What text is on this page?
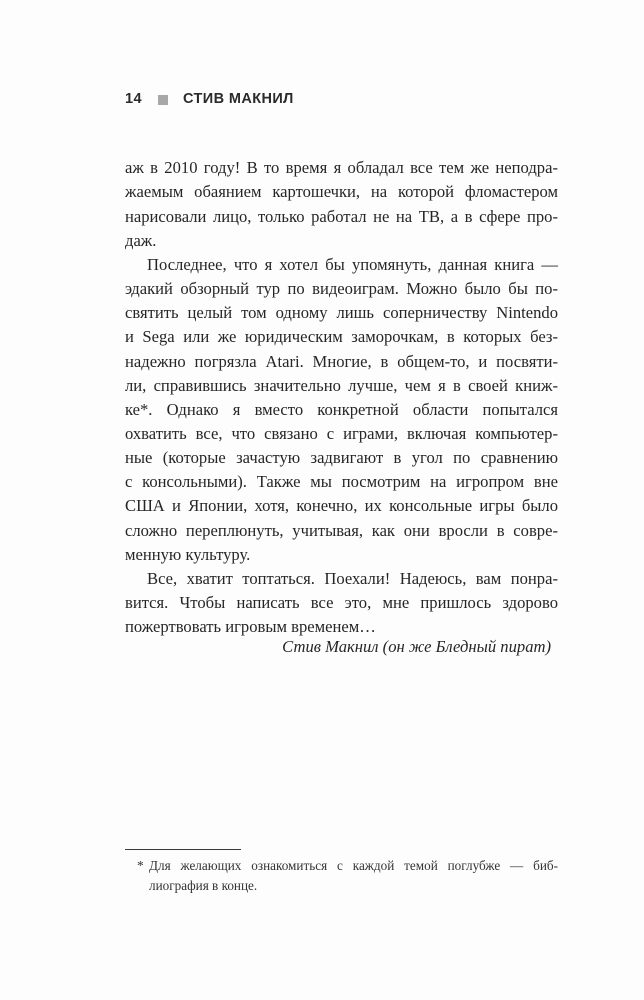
14	СТИВ МАКНИЛ
аж в 2010 году! В то время я обладал все тем же неподра-
жаемым обаянием картошечки, на которой фломастером
нарисовали лицо, только работал не на ТВ, а в сфере про-
даж.
Последнее, что я хотел бы упомянуть, данная книга —
эдакий обзорный тур по видеоиграм. Можно было бы по-
святить целый том одному лишь соперничеству Nintendo
и Sega или же юридическим заморочкам, в которых без-
надежно погрязла Atari. Многие, в общем-то, и посвяти-
ли, справившись значительно лучше, чем я в своей книж-
ке*. Однако я вместо конкретной области попытался
охватить все, что связано с играми, включая компьютер-
ные (которые зачастую задвигают в угол по сравнению
с консольными). Также мы посмотрим на игропром вне
США и Японии, хотя, конечно, их консольные игры было
сложно переплюнуть, учитывая, как они вросли в совре-
менную культуру.
Все, хватит топтаться. Поехали! Надеюсь, вам понра-
вится. Чтобы написать все это, мне пришлось здорово
пожертвовать игровым временем…
Стив Макнил (он же Бледный пират)
* Для желающих ознакомиться с каждой темой поглубже — биб-
лиография в конце.
